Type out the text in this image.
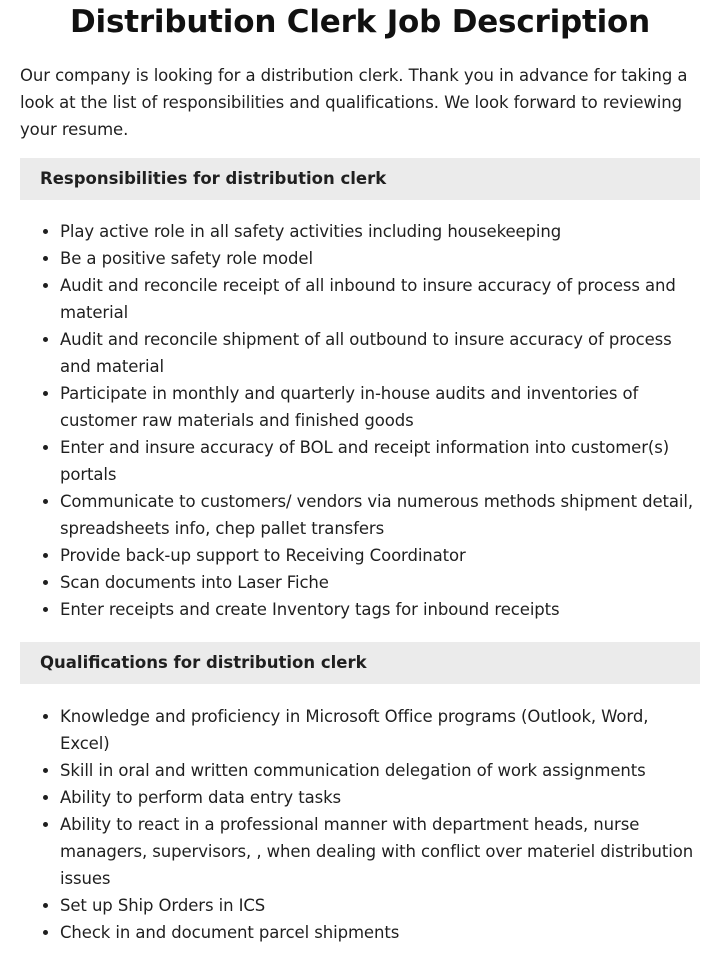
Distribution Clerk Job Description

Our company is looking for a distribution clerk. Thank you in advance for taking a look at the list of responsibilities and qualifications. We look forward to reviewing your resume.

Responsibilities for distribution clerk
• Play active role in all safety activities including housekeeping
• Be a positive safety role model
• Audit and reconcile receipt of all inbound to insure accuracy of process and material
• Audit and reconcile shipment of all outbound to insure accuracy of process and material
• Participate in monthly and quarterly in-house audits and inventories of customer raw materials and finished goods
• Enter and insure accuracy of BOL and receipt information into customer(s) portals
• Communicate to customers/ vendors via numerous methods shipment detail, spreadsheets info, chep pallet transfers
• Provide back-up support to Receiving Coordinator
• Scan documents into Laser Fiche
• Enter receipts and create Inventory tags for inbound receipts
Qualifications for distribution clerk
• Knowledge and proficiency in Microsoft Office programs (Outlook, Word, Excel)
• Skill in oral and written communication delegation of work assignments
• Ability to perform data entry tasks
• Ability to react in a professional manner with department heads, nurse managers, supervisors, , when dealing with conflict over materiel distribution issues
• Set up Ship Orders in ICS
• Check in and document parcel shipments
